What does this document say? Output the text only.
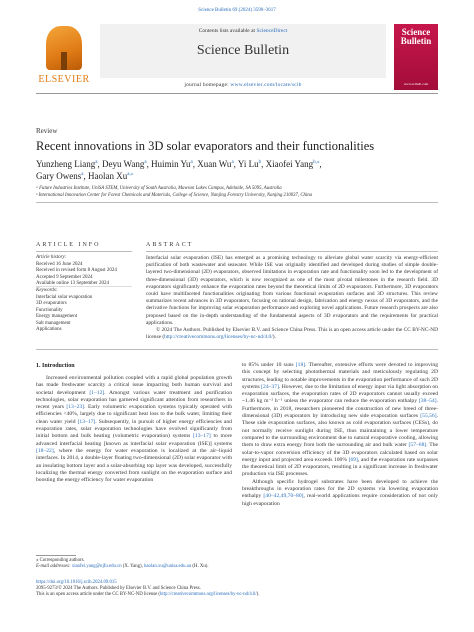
Science Bulletin 69 (2024) 3590–3617
ELSEVIER
Contents lists available at ScienceDirect
Science Bulletin
journal homepage: www.elsevier.com/locate/scib
Science
Bulletin
www.scibull.com
Review
Recent innovations in 3D solar evaporators and their functionalities
Yunzheng Liang$^a$, Deyu Wang$^a$, Huimin Yu$^a$, Xuan Wu$^a$, Yi Lu$^b$, Xiaofei Yang$^{b,⁎}$,
Gary Owens$^a$, Haolan $Xu^{a,⁎}$
ᵃ Future Industries Institute, UniSA STEM, University of South Australia, Mawson Lakes Campus, Adelaide, SA 5095, Australia
ᵇ International Innovation Center for Forest Chemicals and Materials, College of Science, Nanjing Forestry University, Nanjing 210037, China
ARTICLE INFO
Article history:
Received 16 June 2024
Received in revised form 8 August 2024
Accepted 9 September 2024
Available online 13 September 2024
Keywords:
Interfacial solar evaporation
3D evaporators
Functionality
Energy management
Salt management
Applications
ABSTRACT
Interfacial solar evaporation (ISE) has emerged as a promising technology to alleviate global water scarcity via energy-efficient purification of both wastewater and seawater. While ISE was originally identified and developed during studies of simple double-layered two-dimensional (2D) evaporators, observed limitations in evaporation rate and functionality soon led to the development of three-dimensional (3D) evaporators, which is now recognized as one of the most pivotal milestones in the research field. 3D evaporators significantly enhance the evaporation rates beyond the theoretical limits of 2D evaporators. Furthermore, 3D evaporators could have multifaceted functionalities originating from various functional evaporation surfaces and 3D structures. This review summarizes recent advances in 3D evaporators, focusing on rational design, fabrication and energy nexus of 3D evaporators, and the derivative functions for improving solar evaporation performance and exploring novel applications. Future research prospects are also proposed based on the in-depth understanding of the fundamental aspects of 3D evaporators and the requirements for practical applications.
© 2024 The Authors. Published by Elsevier B.V. and Science China Press. This is an open access article under the CC BY-NC-ND license (http://creativecommons.org/licenses/by-nc-nd/4.0/).
1. Introduction
Increased environmental pollution coupled with a rapid global population growth has made freshwater scarcity a critical issue impacting both human survival and societal development [1–12]. Amongst various water treatment and purification technologies, solar evaporation has garnered significant attention from researchers in recent years [13–23]. Early volumetric evaporation systems typically operated with efficiencies <40%, largely due to significant heat loss to the bulk water, limiting their clean water yield [13–17]. Subsequently, in pursuit of higher energy efficiencies and evaporation rates, solar evaporation technologies have evolved significantly from initial bottom and bulk heating (volumetric evaporation) systems [13–17] to more advanced interfacial heating [known as interfacial solar evaporation (ISE)] systems [18–22], where the energy for water evaporation is localized at the air–liquid interfaces. In 2014, a double-layer floating two-dimensional (2D) solar evaporator with an insulating bottom layer and a solar-absorbing top layer was developed, successfully localizing the thermal energy converted from sunlight on the evaporation surface and boosting the energy efficiency for water evaporation

to 85% under 10 suns [18]. Thereafter, extensive efforts were devoted to improving this concept by selecting photothermal materials and meticulously regulating 2D structures, leading to notable improvements in the evaporation performance of such 2D systems [24–37]. However, due to the limitation of energy input via light absorption on evaporation surfaces, the evaporation rates of 2D evaporators cannot usually exceed ~1.46 kg m⁻² h⁻¹ unless the evaporator can reduce the evaporation enthalpy [38–54]. Furthermore, in 2018, researchers pioneered the construction of new breed of three-dimensional (3D) evaporators by introducing new side evaporation surfaces [55,56]. These side evaporation surfaces, also known as cold evaporation surfaces (CESs), do not normally receive sunlight during ISE, thus maintaining a lower temperature compared to the surrounding environment due to natural evaporative cooling, allowing them to draw extra energy from both the surrounding air and bulk water [57–68]. The solar-to-vapor conversion efficiency of the 3D evaporators calculated based on solar energy input and projected area exceeds 100% [69], and the evaporation rate surpasses the theoretical limit of 2D evaporators, resulting in a significant increase in freshwater production via ISE processes.

Although specific hydrogel substrates have been developed to achieve the breakthroughs in evaporation rates for the 2D systems via lowering evaporation enthalpy [40–42,49,70–80], real-world applications require consideration of not only high evaporation

⁎ Corresponding authors.
E-mail addresses: xiaofei.yang@njfu.edu.cn (X. Yang), haolan.xu@unisa.edu.au (H. Xu).
https://doi.org/10.1016/j.scib.2024.09.015
2095-9273/© 2024 The Authors. Published by Elsevier B.V. and Science China Press.
This is an open access article under the CC BY-NC-ND license (http://creativecommons.org/licenses/by-nc-nd/4.0/).
